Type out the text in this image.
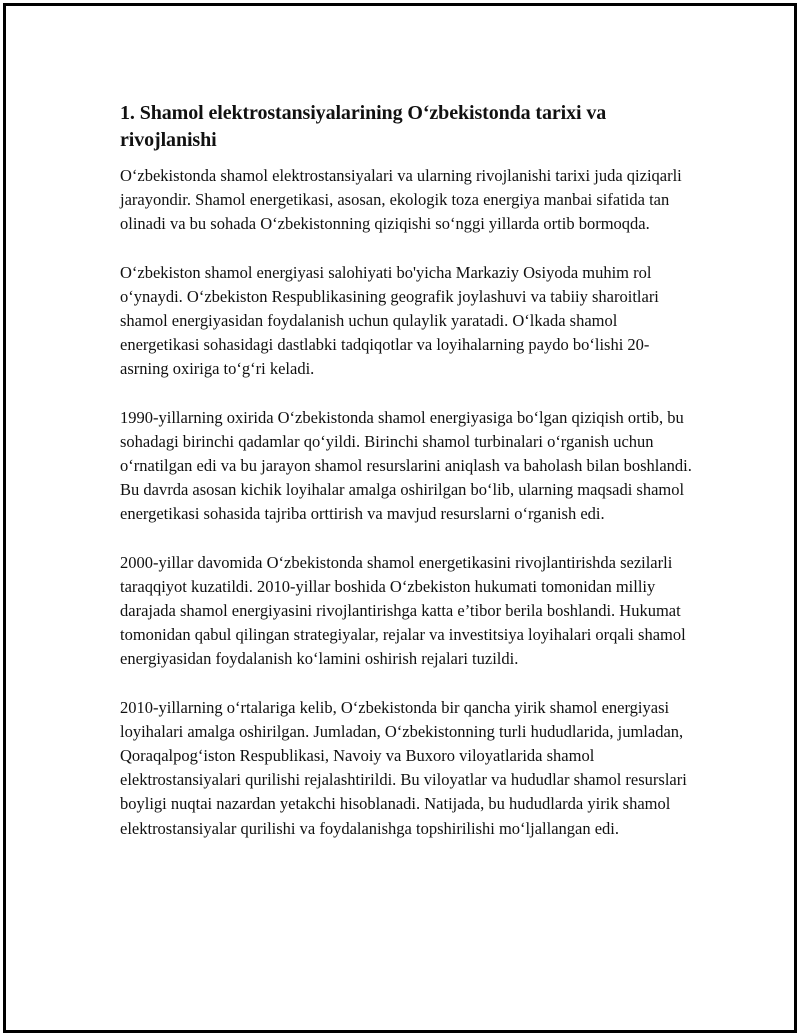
1. Shamol elektrostansiyalarining O‘zbekistonda tarixi va rivojlanishi

O‘zbekistonda shamol elektrostansiyalari va ularning rivojlanishi tarixi juda qiziqarli jarayondir. Shamol energetikasi, asosan, ekologik toza energiya manbai sifatida tan olinadi va bu sohada O‘zbekistonning qiziqishi so‘nggi yillarda ortib bormoqda.

O‘zbekiston shamol energiyasi salohiyati bo'yicha Markaziy Osiyoda muhim rol o‘ynaydi. O‘zbekiston Respublikasining geografik joylashuvi va tabiiy sharoitlari shamol energiyasidan foydalanish uchun qulaylik yaratadi. O‘lkada shamol energetikasi sohasidagi dastlabki tadqiqotlar va loyihalarning paydo bo‘lishi 20-asrning oxiriga to‘g‘ri keladi.

1990-yillarning oxirida O‘zbekistonda shamol energiyasiga bo‘lgan qiziqish ortib, bu sohadagi birinchi qadamlar qo‘yildi. Birinchi shamol turbinalari o‘rganish uchun o‘rnatilgan edi va bu jarayon shamol resurslarini aniqlash va baholash bilan boshlandi. Bu davrda asosan kichik loyihalar amalga oshirilgan bo‘lib, ularning maqsadi shamol energetikasi sohasida tajriba orttirish va mavjud resurslarni o‘rganish edi.

2000-yillar davomida O‘zbekistonda shamol energetikasini rivojlantirishda sezilarli taraqqiyot kuzatildi. 2010-yillar boshida O‘zbekiston hukumati tomonidan milliy darajada shamol energiyasini rivojlantirishga katta e’tibor berila boshlandi. Hukumat tomonidan qabul qilingan strategiyalar, rejalar va investitsiya loyihalari orqali shamol energiyasidan foydalanish ko‘lamini oshirish rejalari tuzildi.

2010-yillarning o‘rtalariga kelib, O‘zbekistonda bir qancha yirik shamol energiyasi loyihalari amalga oshirilgan. Jumladan, O‘zbekistonning turli hududlarida, jumladan, Qoraqalpog‘iston Respublikasi, Navoiy va Buxoro viloyatlarida shamol elektrostansiyalari qurilishi rejalashtirildi. Bu viloyatlar va hududlar shamol resurslari boyligi nuqtai nazardan yetakchi hisoblanadi. Natijada, bu hududlarda yirik shamol elektrostansiyalar qurilishi va foydalanishga topshirilishi mo‘ljallangan edi.
